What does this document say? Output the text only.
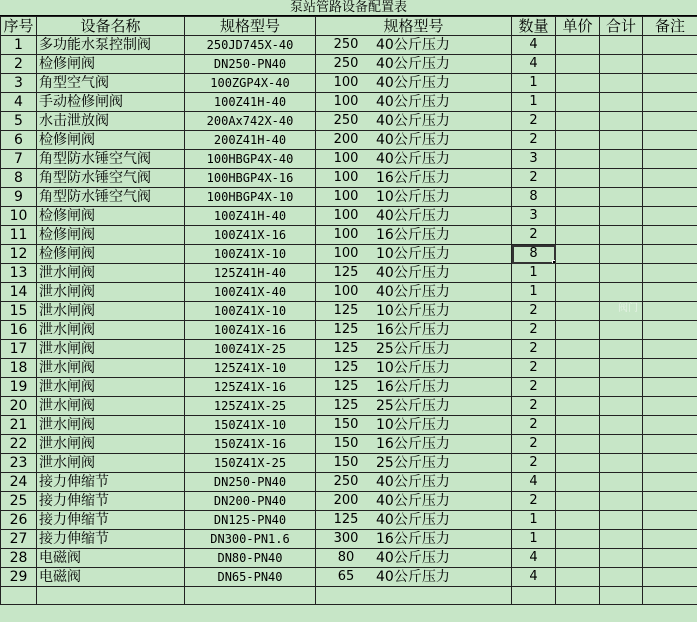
泵站管路设备配置表
序号	设备名称	规格型号	规格型号	数量	单价	合计	备注
1	多功能水泵控制阀	250JD745X-40	250 40公斤压力	4			
2	检修闸阀	DN250-PN40	250 40公斤压力	4			
3	角型空气阀	100ZGP4X-40	100 40公斤压力	1			
4	手动检修闸阀	100Z41H-40	100 40公斤压力	1			
5	水击泄放阀	200Ax742X-40	250 40公斤压力	2			
6	检修闸阀	200Z41H-40	200 40公斤压力	2			
7	角型防水锤空气阀	100HBGP4X-40	100 40公斤压力	3			
8	角型防水锤空气阀	100HBGP4X-16	100 16公斤压力	2			
9	角型防水锤空气阀	100HBGP4X-10	100 10公斤压力	8			
10	检修闸阀	100Z41H-40	100 40公斤压力	3			
11	检修闸阀	100Z41X-16	100 16公斤压力	2			
12	检修闸阀	100Z41X-10	100 10公斤压力	8

13	泄水闸阀	125Z41H-40	125 40公斤压力	1			
14	泄水闸阀	100Z41X-40	100 40公斤压力	1			
15	泄水闸阀	100Z41X-10	125 10公斤压力	2			
16	泄水闸阀	100Z41X-16	125 16公斤压力	2			
17	泄水闸阀	100Z41X-25	125 25公斤压力	2			
18	泄水闸阀	125Z41X-10	125 10公斤压力	2			
19	泄水闸阀	125Z41X-16	125 16公斤压力	2			
20	泄水闸阀	125Z41X-25	125 25公斤压力	2			
21	泄水闸阀	150Z41X-10	150 10公斤压力	2			
22	泄水闸阀	150Z41X-16	150 16公斤压力	2			
23	泄水闸阀	150Z41X-25	150 25公斤压力	2			
24	接力伸缩节	DN250-PN40	250 40公斤压力	4			
25	接力伸缩节	DN200-PN40	200 40公斤压力	2			
26	接力伸缩节	DN125-PN40	125 40公斤压力	1			
27	接力伸缩节	DN300-PN1.6	300 16公斤压力	1			
28	电磁阀	DN80-PN40	80 40公斤压力	4			
29	电磁阀	DN65-PN40	65 40公斤压力	4			

阀门
